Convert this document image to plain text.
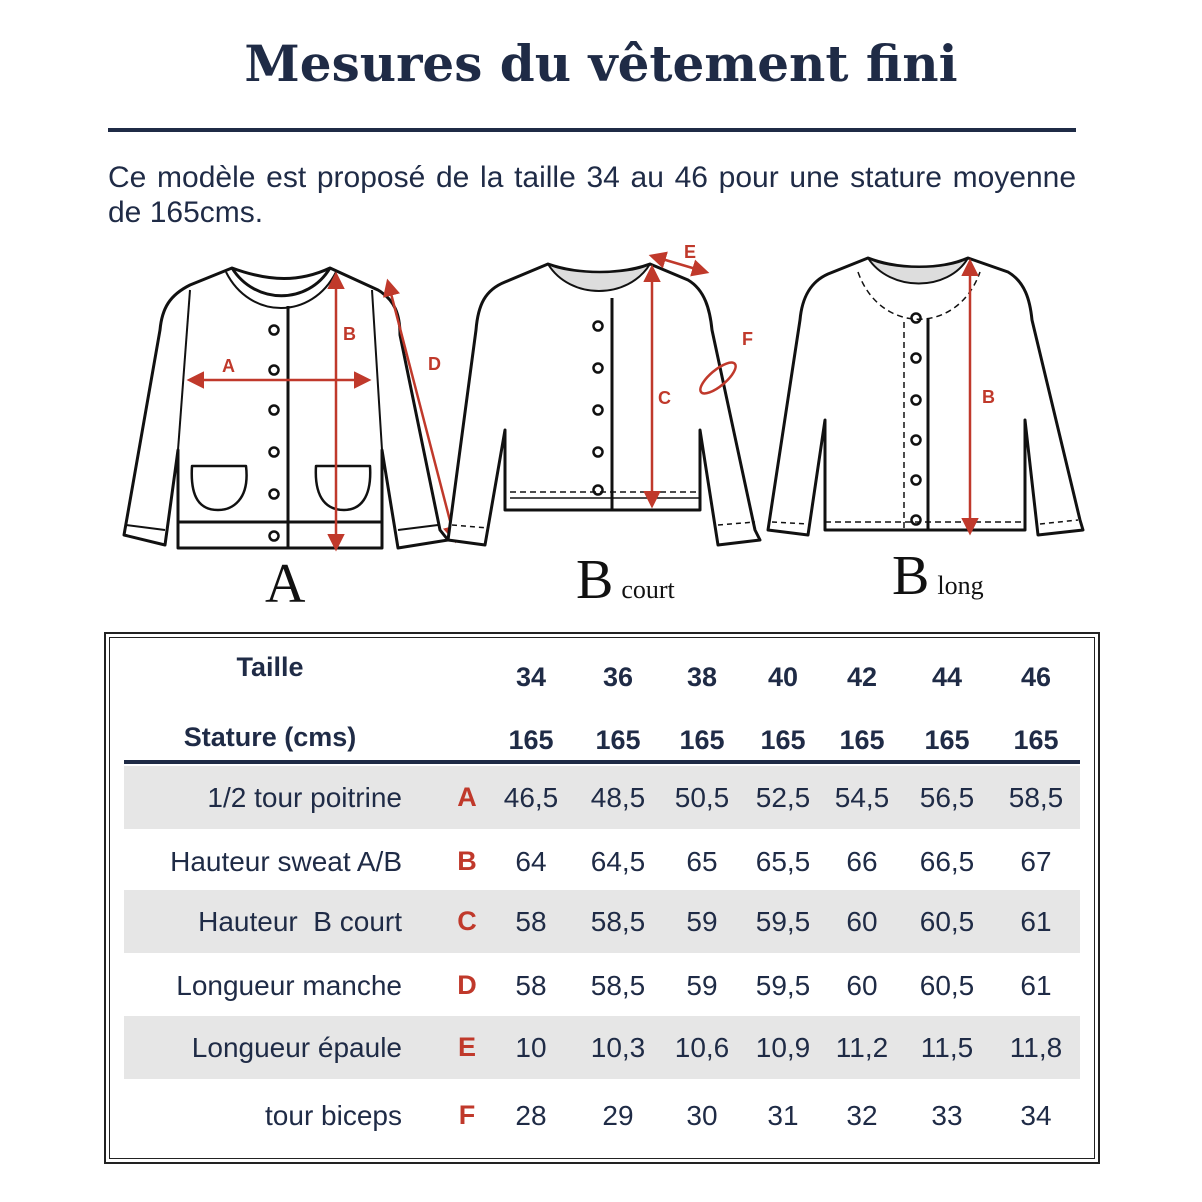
Mesures du vêtement fini
Ce modèle est proposé de la taille 34 au 46 pour une stature moyenne de 165cms.
A
B
D
C
E
F
B
A	Bcourt	Blong
Taille
Stature (cms)
34	36	38	40	42	44	46
165	165	165	165	165	165	165
1/2 tour poitrine A 46,5	48,5	50,5 52,5 54,5	56,5	58,5
Hauteur sweat A/B B	64	64,5	65	65,5	66	66,5	67
Hauteur  B court C	58	58,5	59	59,5	60	60,5	61
Longueur manche D	58	58,5	59	59,5	60	60,5	61
Longueur épaule E	10	10,3	10,6 10,9 11,2	11,5	11,8
tour biceps	F	28	29	30	31	32	33	34
